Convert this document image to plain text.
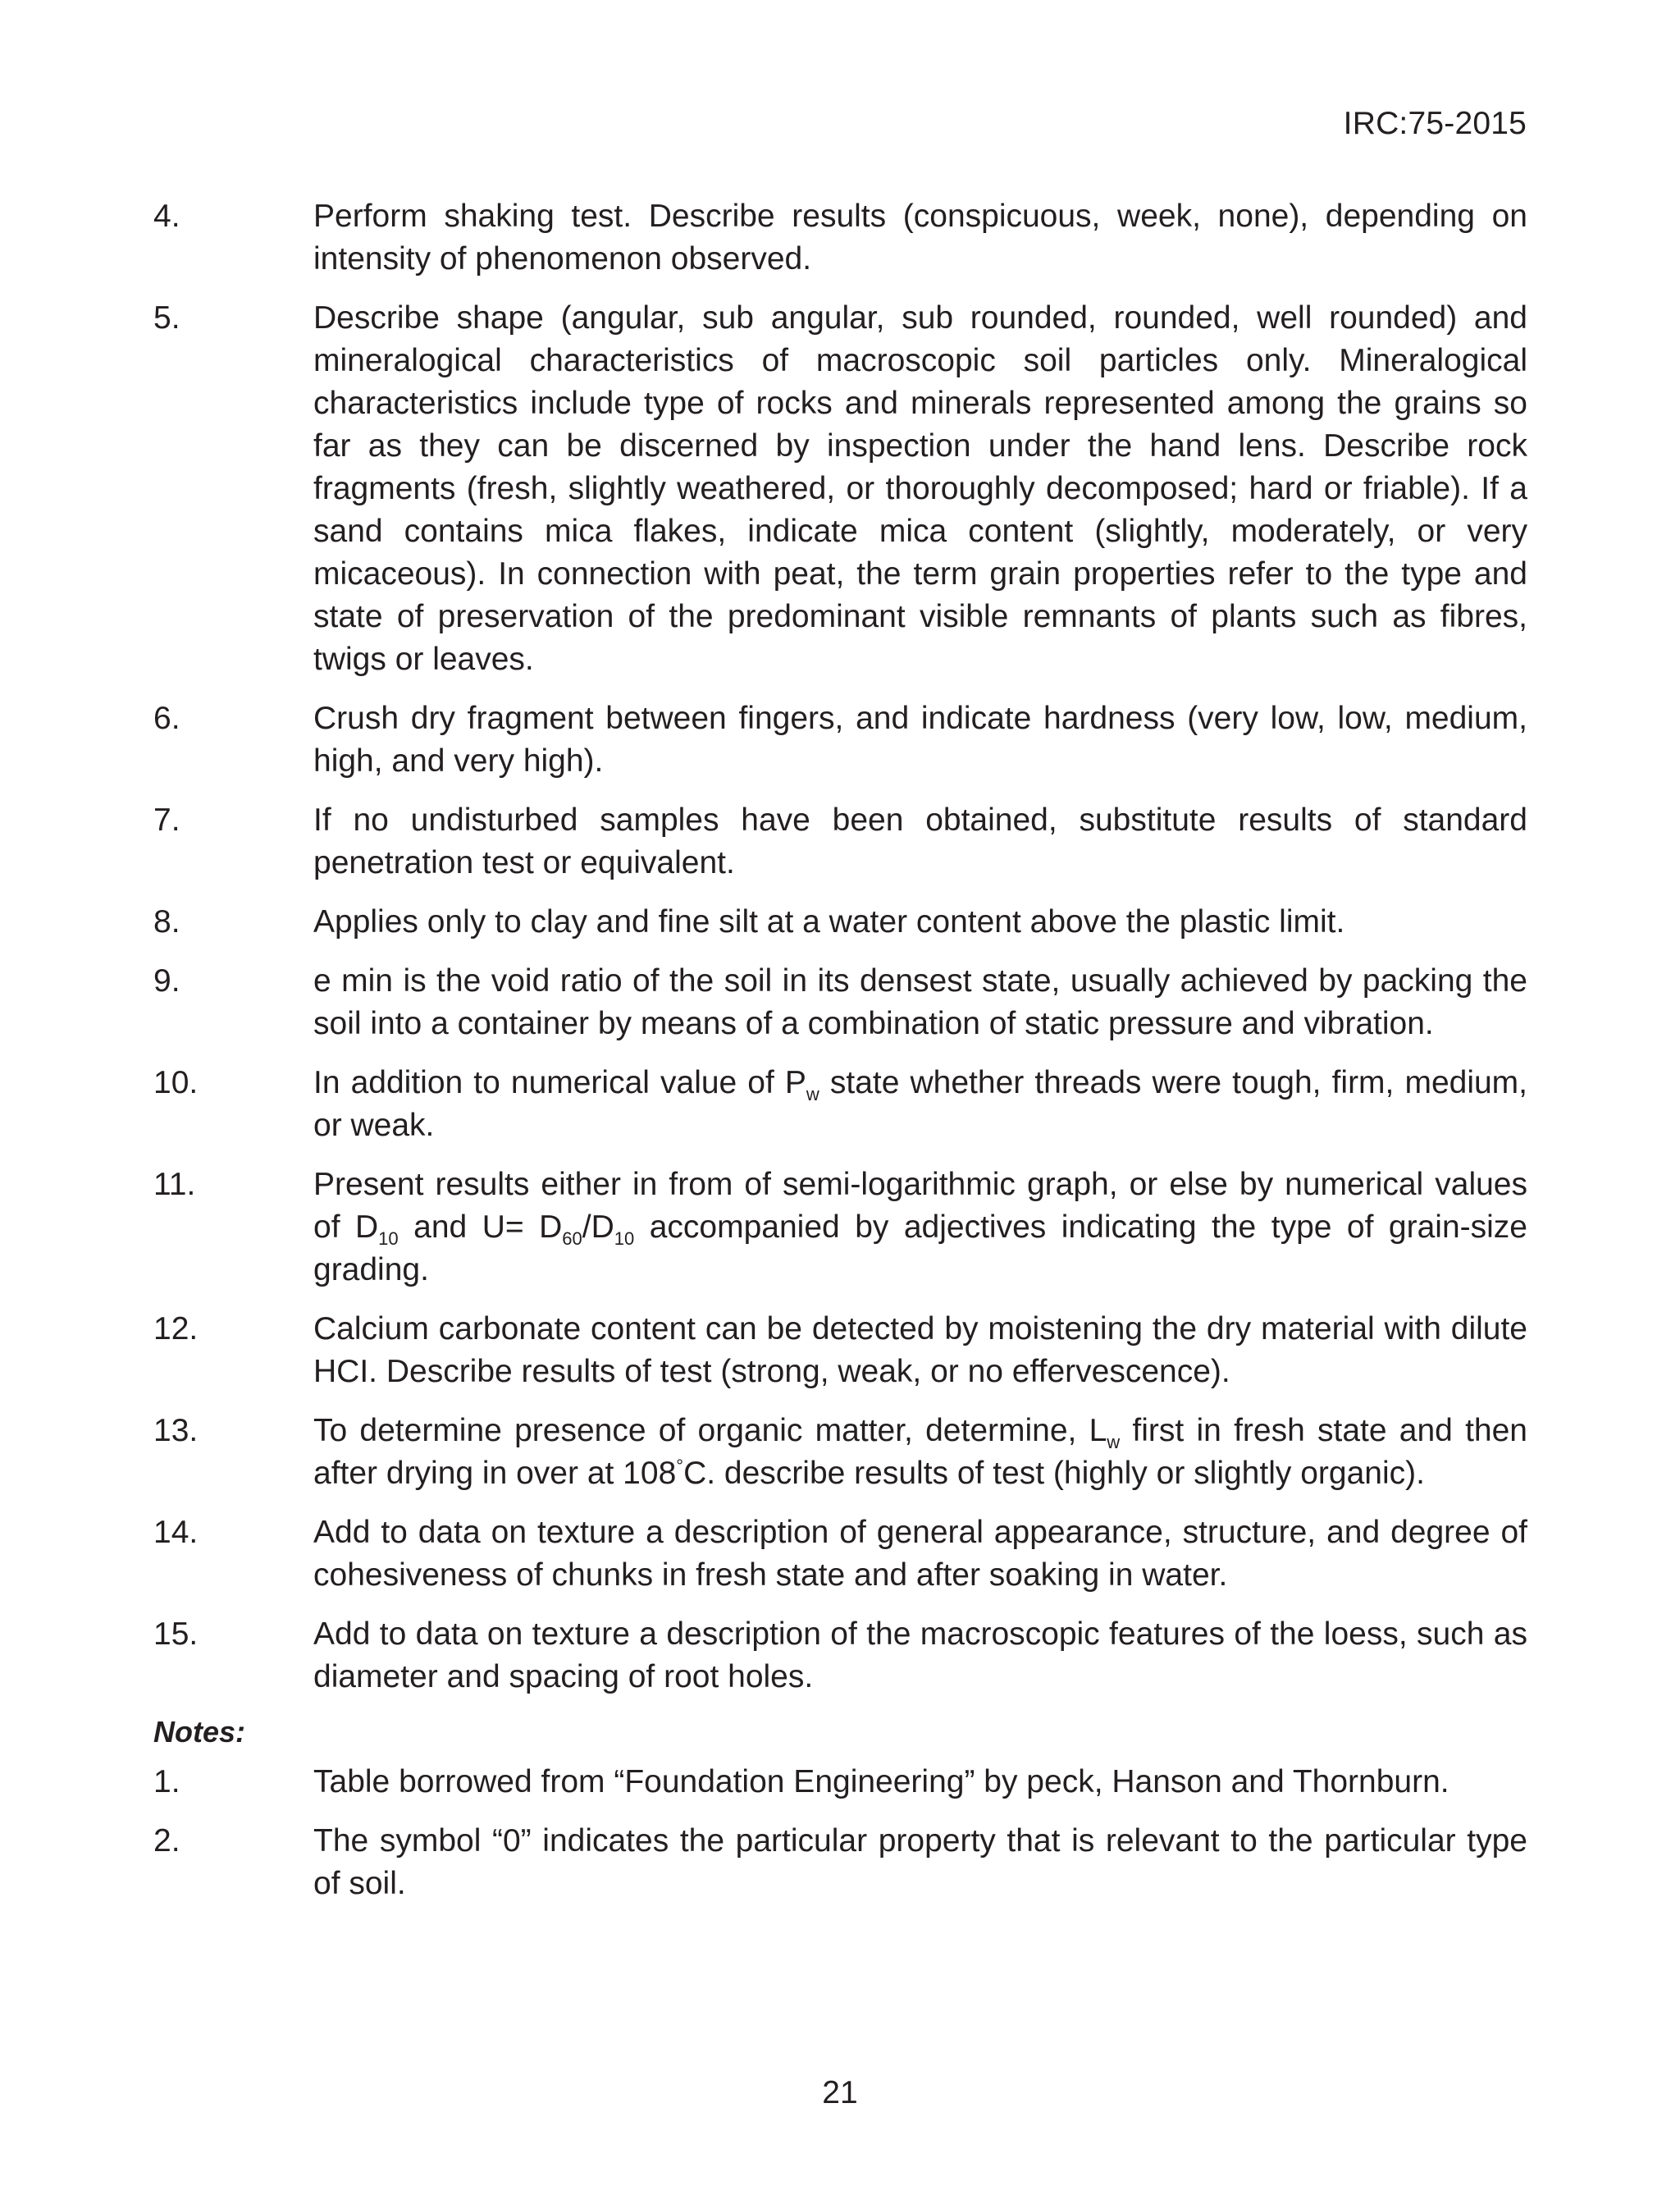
IRC:75-2015
4.	Perform shaking test. Describe results (conspicuous, week, none), depending on intensity of phenomenon observed.
5.	Describe shape (angular, sub angular, sub rounded, rounded, well rounded) and mineralogical characteristics of macroscopic soil particles only. Mineralogical characteristics include type of rocks and minerals represented among the grains so far as they can be discerned by inspection under the hand lens. Describe rock fragments (fresh, slightly weathered, or thoroughly decomposed; hard or friable). If a sand contains mica flakes, indicate mica content (slightly, moderately, or very micaceous). In connection with peat, the term grain properties refer to the type and state of preservation of the predominant visible remnants of plants such as fibres, twigs or leaves.
6.	Crush dry fragment between fingers, and indicate hardness (very low, low, medium, high, and very high).
7.	If no undisturbed samples have been obtained, substitute results of standard penetration test or equivalent.
8.	Applies only to clay and fine silt at a water content above the plastic limit.
9.	e min is the void ratio of the soil in its densest state, usually achieved by packing the soil into a container by means of a combination of static pressure and vibration.
10.	In addition to numerical value of $P_w$ state whether threads were tough, firm, medium, or weak.
11.	Present results either in from of semi-logarithmic graph, or else by numerical values of $D_{10}$ and $U= D_{60}/D_{10}$ accompanied by adjectives indicating the type of grain-size grading.
12.	Calcium carbonate content can be detected by moistening the dry material with dilute HCI. Describe results of test (strong, weak, or no effervescence).
13.	To determine presence of organic matter, determine, $L_w$ first in fresh state and then after drying in over at 108°C. describe results of test (highly or slightly organic).
14.	Add to data on texture a description of general appearance, structure, and degree of cohesiveness of chunks in fresh state and after soaking in water.
15.	Add to data on texture a description of the macroscopic features of the loess, such as diameter and spacing of root holes.
Notes:
1.	Table borrowed from “Foundation Engineering” by peck, Hanson and Thornburn.
2.	The symbol “0” indicates the particular property that is relevant to the particular type of soil.
21
